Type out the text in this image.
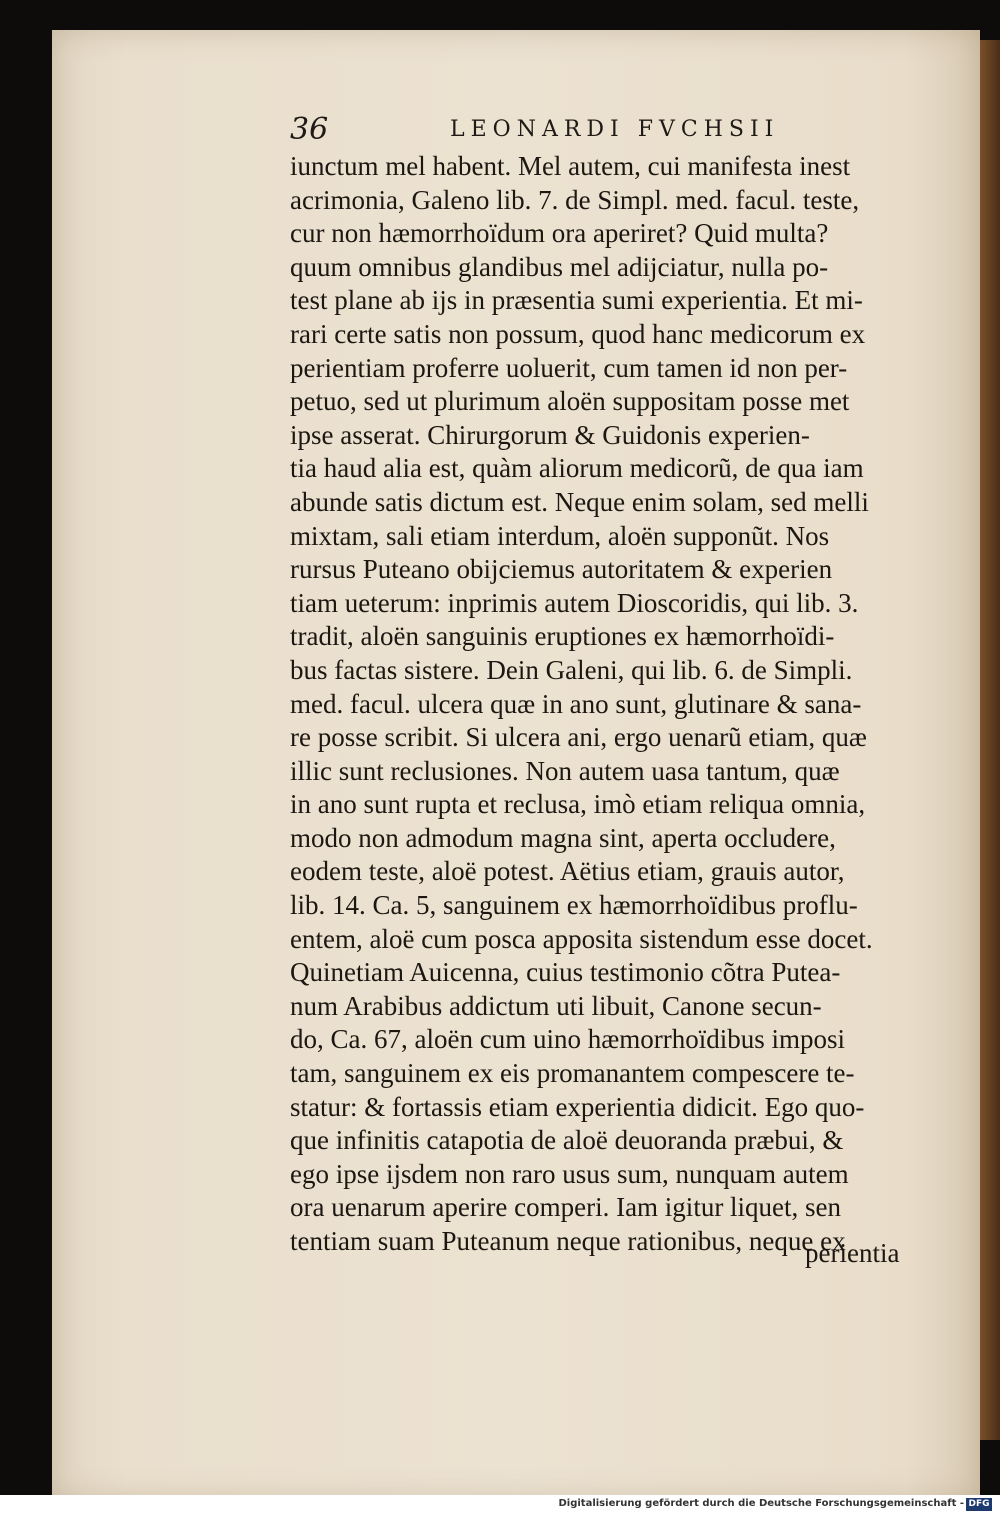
36	LEONARDI FVCHSII
iunctum mel habent. Mel autem, cui manifesta inest
acrimonia, Galeno lib. 7. de Simpl. med. facul. teste,
cur non hæmorrhoïdum ora aperiret? Quid multa?
quum omnibus glandibus mel adijciatur, nulla po-
test plane ab ijs in præsentia sumi experientia. Et mi-
rari certe satis non possum, quod hanc medicorum ex
perientiam proferre uoluerit, cum tamen id non per-
petuo, sed ut plurimum aloën suppositam posse met
ipse asserat. Chirurgorum & Guidonis experien-
tia haud alia est, quàm aliorum medicorũ, de qua iam
abunde satis dictum est. Neque enim solam, sed melli
mixtam, sali etiam interdum, aloën supponũt. Nos
rursus Puteano obijciemus autoritatem & experien
tiam ueterum: inprimis autem Dioscoridis, qui lib. 3.
tradit, aloën sanguinis eruptiones ex hæmorrhoïdi-
bus factas sistere. Dein Galeni, qui lib. 6. de Simpli.
med. facul. ulcera quæ in ano sunt, glutinare & sana-
re posse scribit. Si ulcera ani, ergo uenarũ etiam, quæ
illic sunt reclusiones. Non autem uasa tantum, quæ
in ano sunt rupta et reclusa, imò etiam reliqua omnia,
modo non admodum magna sint, aperta occludere,
eodem teste, aloë potest. Aëtius etiam, grauis autor,
lib. 14. Ca. 5, sanguinem ex hæmorrhoïdibus proflu-
entem, aloë cum posca apposita sistendum esse docet.
Quinetiam Auicenna, cuius testimonio cõtra Putea-
num Arabibus addictum uti libuit, Canone secun-
do, Ca. 67, aloën cum uino hæmorrhoïdibus imposi
tam, sanguinem ex eis promanantem compescere te-
statur: & fortassis etiam experientia didicit. Ego quo-
que infinitis catapotia de aloë deuoranda præbui, &
ego ipse ijsdem non raro usus sum, nunquam autem
ora uenarum aperire comperi. Iam igitur liquet, sen
tentiam suam Puteanum neque rationibus, neque ex
perientia
Digitalisierung gefördert durch die Deutsche Forschungsgemeinschaft - DFG
